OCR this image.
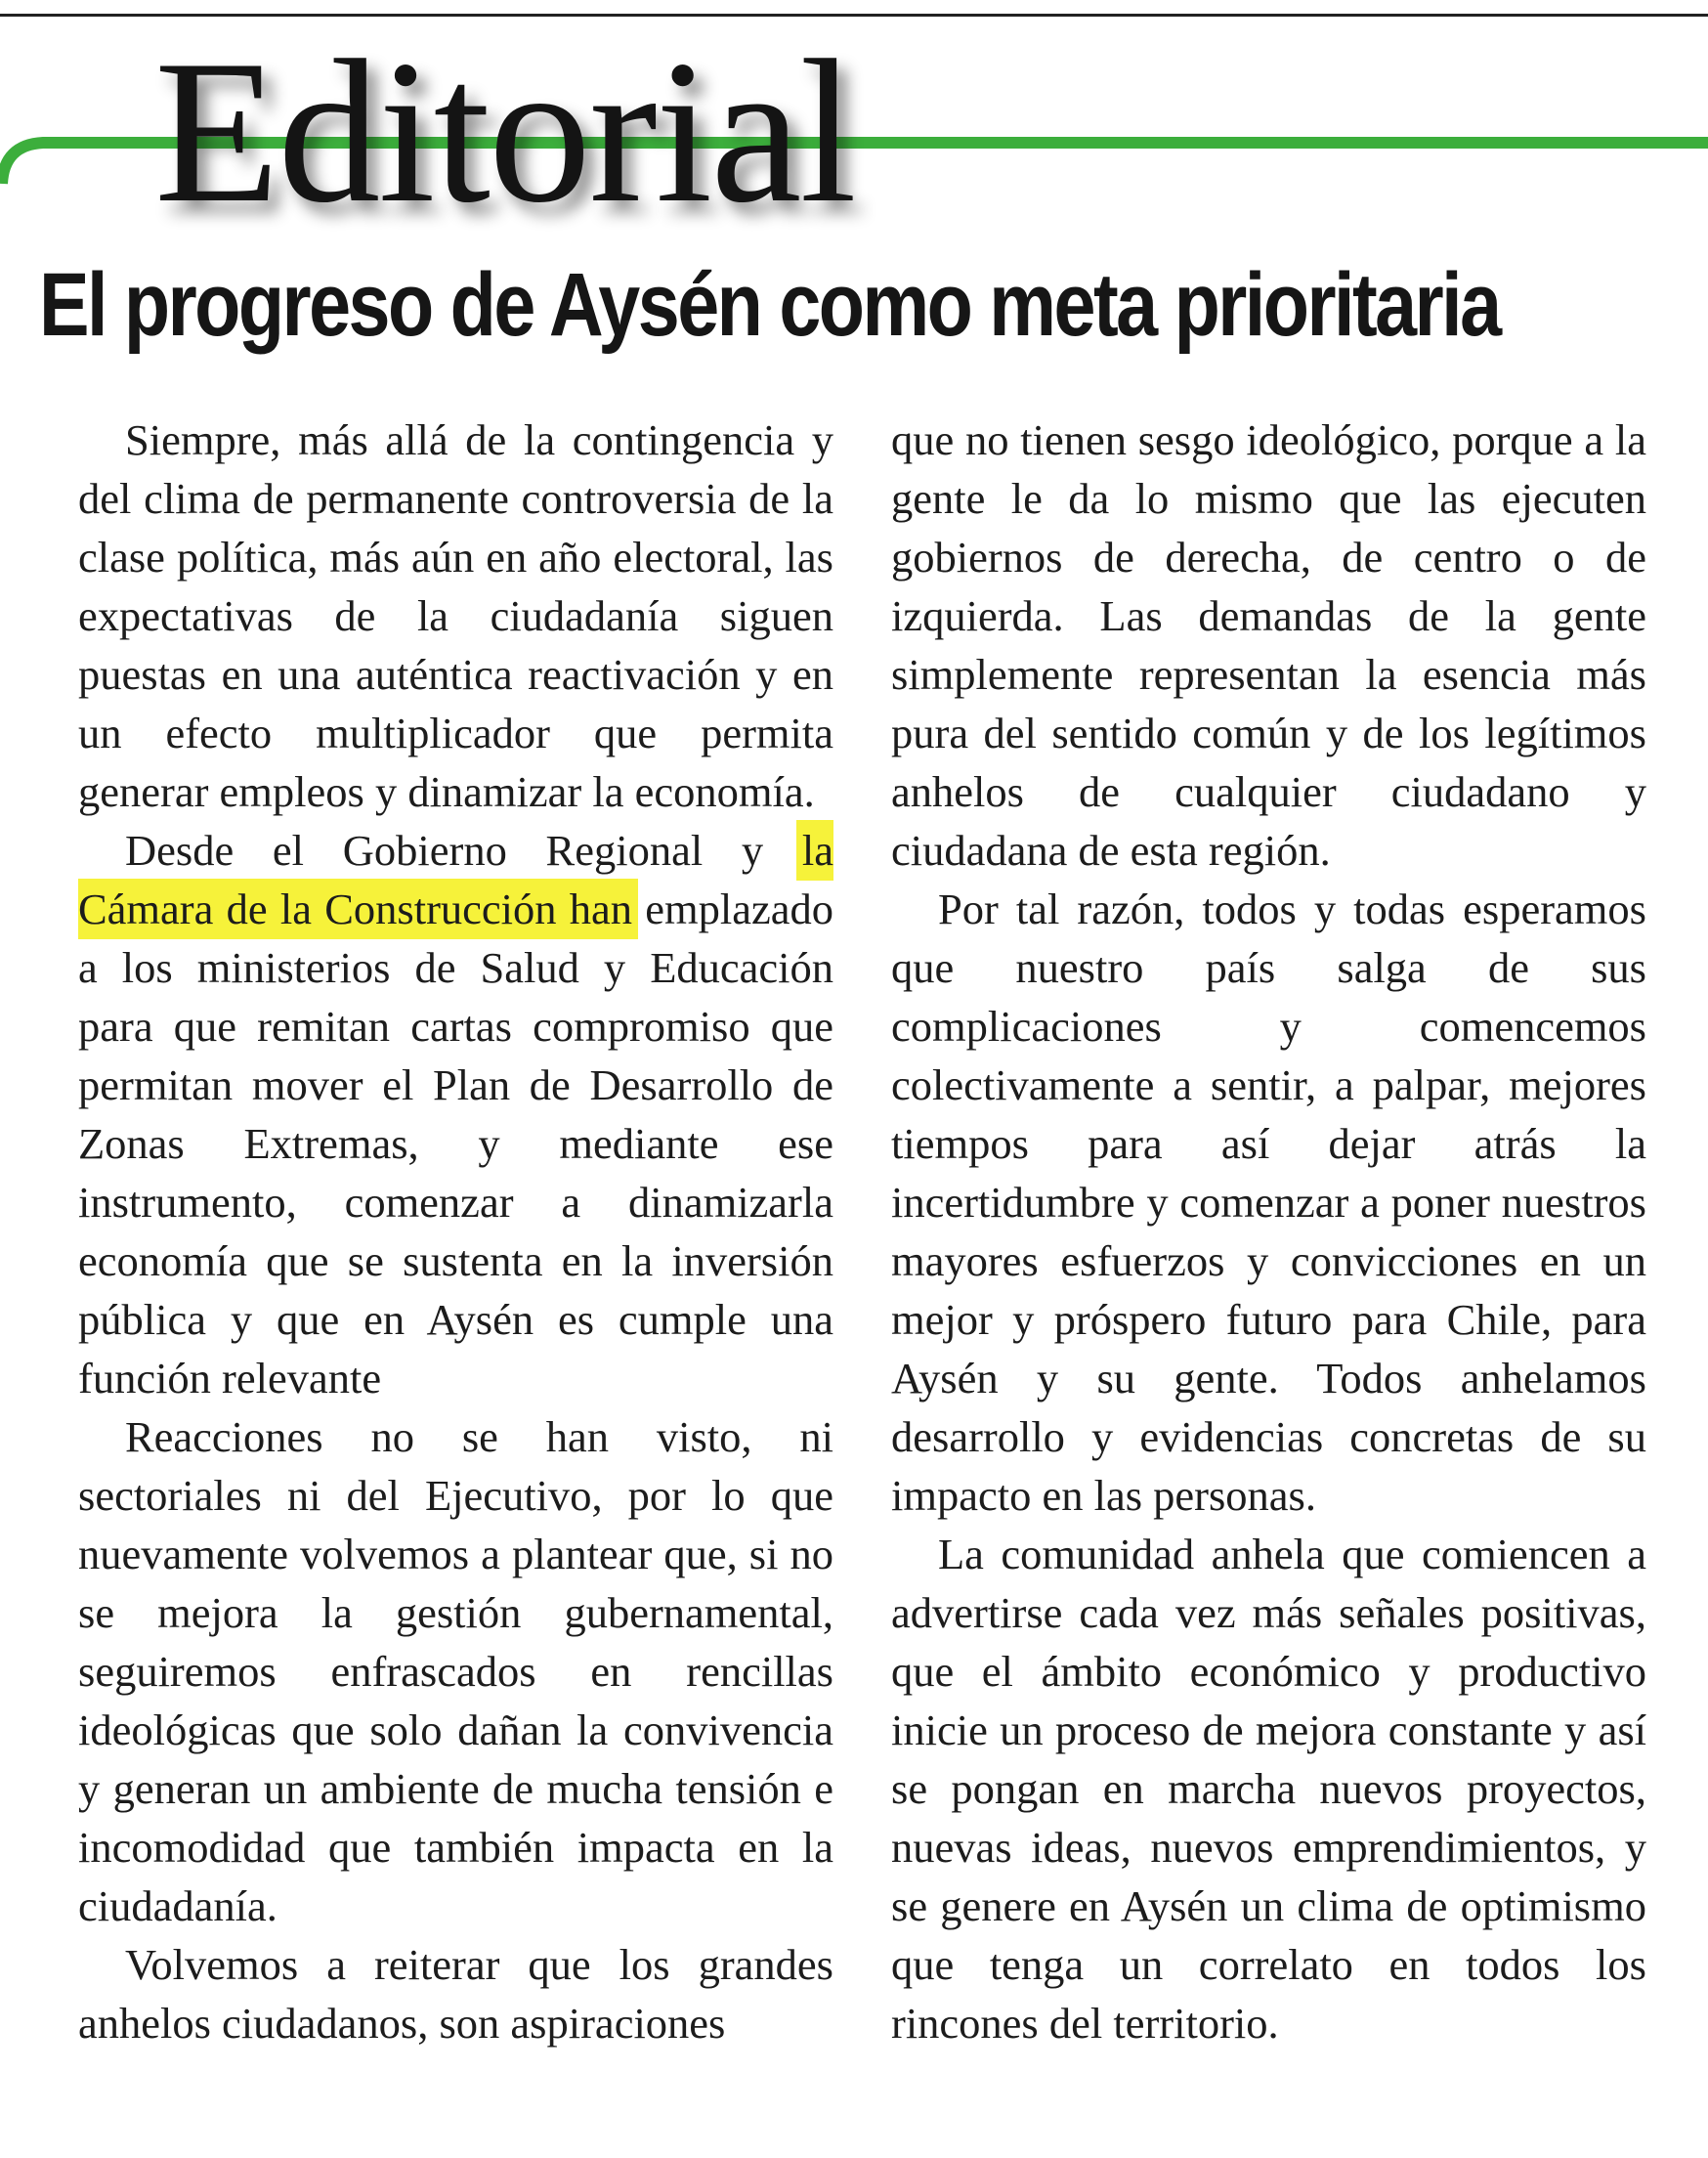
Editorial
El progreso de Aysén como meta prioritaria

Siempre, más allá de la contingencia y del clima de permanente controversia de la clase política, más aún en año electoral, las expectativas de la ciudadanía siguen puestas en una auténtica reactivación y en un efecto multiplicador que permita generar empleos y dinamizar la economía.

Desde el Gobierno Regional y la Cámara de la Construcción han emplazado a los ministerios de Salud y Educación para que remitan cartas compromiso que permitan mover el Plan de Desarrollo de Zonas Extremas, y mediante ese instrumento, comenzar a dinamizarla economía que se sustenta en la inversión pública y que en Aysén es cumple una función relevante

Reacciones no se han visto, ni sectoriales ni del Ejecutivo, por lo que nuevamente volvemos a plantear que, si no se mejora la gestión gubernamental, seguiremos enfrascados en rencillas ideológicas que solo dañan la convivencia y generan un ambiente de mucha tensión e incomodidad que también impacta en la ciudadanía.

Volvemos a reiterar que los grandes anhelos ciudadanos, son aspiraciones

que no tienen sesgo ideológico, porque a la gente le da lo mismo que las ejecuten gobiernos de derecha, de centro o de izquierda. Las demandas de la gente simplemente representan la esencia más pura del sentido común y de los legítimos anhelos de cualquier ciudadano y ciudadana de esta región.

Por tal razón, todos y todas esperamos que nuestro país salga de sus complicaciones y comencemos colectivamente a sentir, a palpar, mejores tiempos para así dejar atrás la incertidumbre y comenzar a poner nuestros mayores esfuerzos y convicciones en un mejor y próspero futuro para Chile, para Aysén y su gente. Todos anhelamos desarrollo y evidencias concretas de su impacto en las personas.

La comunidad anhela que comiencen a advertirse cada vez más señales positivas, que el ámbito económico y productivo inicie un proceso de mejora constante y así se pongan en marcha nuevos proyectos, nuevas ideas, nuevos emprendimientos, y se genere en Aysén un clima de optimismo que tenga un correlato en todos los rincones del territorio.
